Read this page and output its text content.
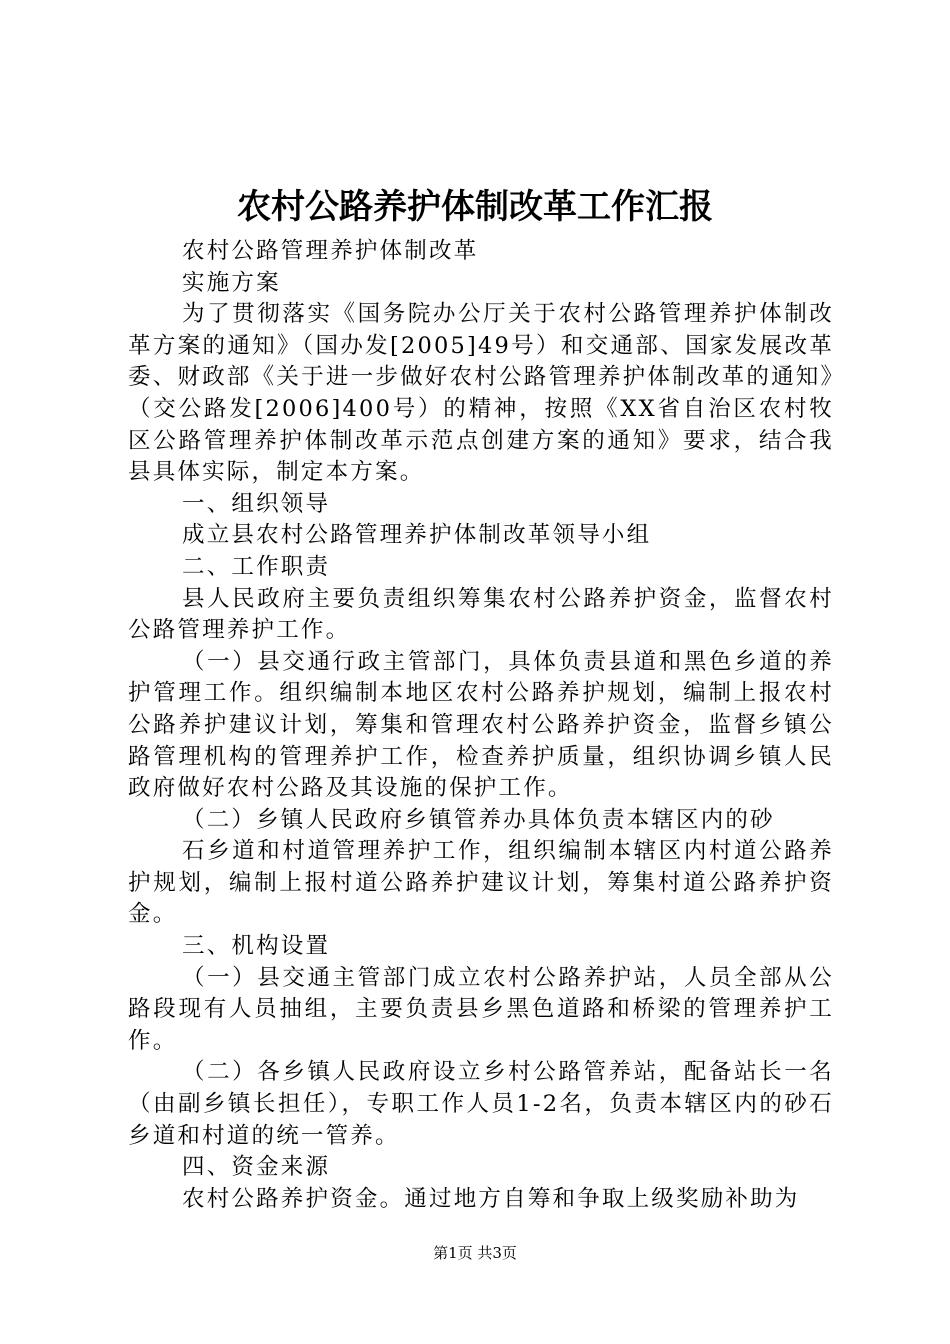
农村公路养护体制改革工作汇报

农村公路管理养护体制改革

实施方案

为了贯彻落实《国务院办公厅关于农村公路管理养护体制改革方案的通知》（国办发[2005]49号）和交通部、国家发展改革委、财政部《关于进一步做好农村公路管理养护体制改革的通知》（交公路发[2006]400号）的精神，按照《XX省自治区农村牧区公路管理养护体制改革示范点创建方案的通知》要求，结合我县具体实际，制定本方案。

一、组织领导

成立县农村公路管理养护体制改革领导小组

二、工作职责

县人民政府主要负责组织筹集农村公路养护资金，监督农村公路管理养护工作。

（一）县交通行政主管部门，具体负责县道和黑色乡道的养护管理工作。组织编制本地区农村公路养护规划，编制上报农村公路养护建议计划，筹集和管理农村公路养护资金，监督乡镇公路管理机构的管理养护工作，检查养护质量，组织协调乡镇人民政府做好农村公路及其设施的保护工作。

（二）乡镇人民政府乡镇管养办具体负责本辖区内的砂

石乡道和村道管理养护工作，组织编制本辖区内村道公路养护规划，编制上报村道公路养护建议计划，筹集村道公路养护资金。

三、机构设置

（一）县交通主管部门成立农村公路养护站，人员全部从公路段现有人员抽组，主要负责县乡黑色道路和桥梁的管理养护工作。

（二）各乡镇人民政府设立乡村公路管养站，配备站长一名（由副乡镇长担任），专职工作人员1-2名，负责本辖区内的砂石乡道和村道的统一管养。

四、资金来源

农村公路养护资金。通过地方自筹和争取上级奖励补助为

第1页 共3页
